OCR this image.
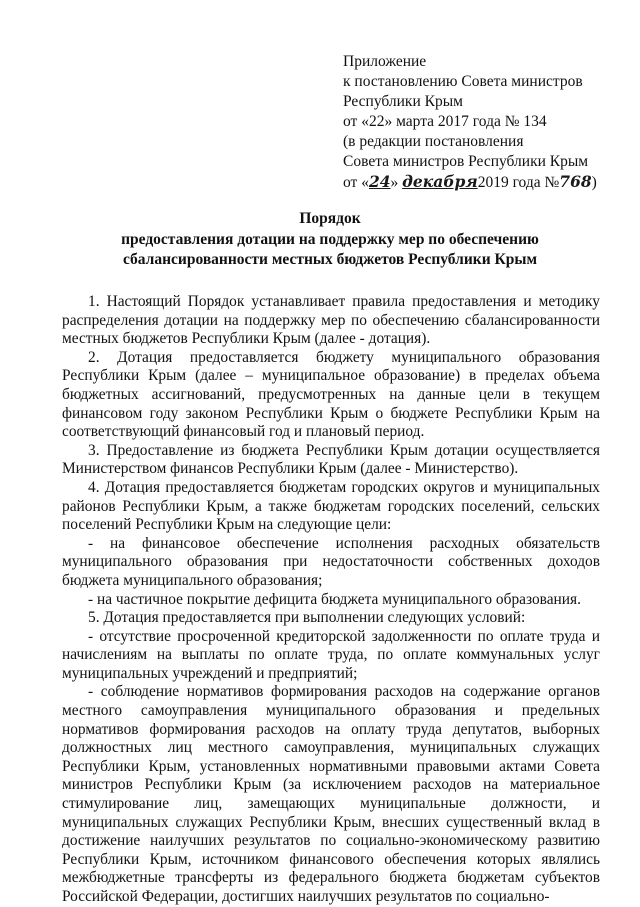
Приложение
к постановлению Совета министров
Республики Крым
от «22» марта 2017 года № 134
(в редакции постановления
Совета министров Республики Крым
от «24» декабря2019 года №768)
Порядок
предоставления дотации на поддержку мер по обеспечению
сбалансированности местных бюджетов Республики Крым

1. Настоящий Порядок устанавливает правила предоставления и методику распределения дотации на поддержку мер по обеспечению сбалансированности местных бюджетов Республики Крым (далее - дотация).

2. Дотация предоставляется бюджету муниципального образования Республики Крым (далее – муниципальное образование) в пределах объема бюджетных ассигнований, предусмотренных на данные цели в текущем финансовом году законом Республики Крым о бюджете Республики Крым на соответствующий финансовый год и плановый период.

3. Предоставление из бюджета Республики Крым дотации осуществляется Министерством финансов Республики Крым (далее - Министерство).

4. Дотация предоставляется бюджетам городских округов и муниципальных районов Республики Крым, а также бюджетам городских поселений, сельских поселений Республики Крым на следующие цели:

- на финансовое обеспечение исполнения расходных обязательств муниципального образования при недостаточности собственных доходов бюджета муниципального образования;

- на частичное покрытие дефицита бюджета муниципального образования.

5. Дотация предоставляется при выполнении следующих условий:

- отсутствие просроченной кредиторской задолженности по оплате труда и начислениям на выплаты по оплате труда, по оплате коммунальных услуг муниципальных учреждений и предприятий;

- соблюдение нормативов формирования расходов на содержание органов местного самоуправления муниципального образования и предельных нормативов формирования расходов на оплату труда депутатов, выборных должностных лиц местного самоуправления, муниципальных служащих Республики Крым, установленных нормативными правовыми актами Совета министров Республики Крым (за исключением расходов на материальное стимулирование лиц, замещающих муниципальные должности, и муниципальных служащих Республики Крым, внесших существенный вклад в достижение наилучших результатов по социально-экономическому развитию Республики Крым, источником финансового обеспечения которых являлись межбюджетные трансферты из федерального бюджета бюджетам субъектов Российской Федерации, достигших наилучших результатов по социально-
